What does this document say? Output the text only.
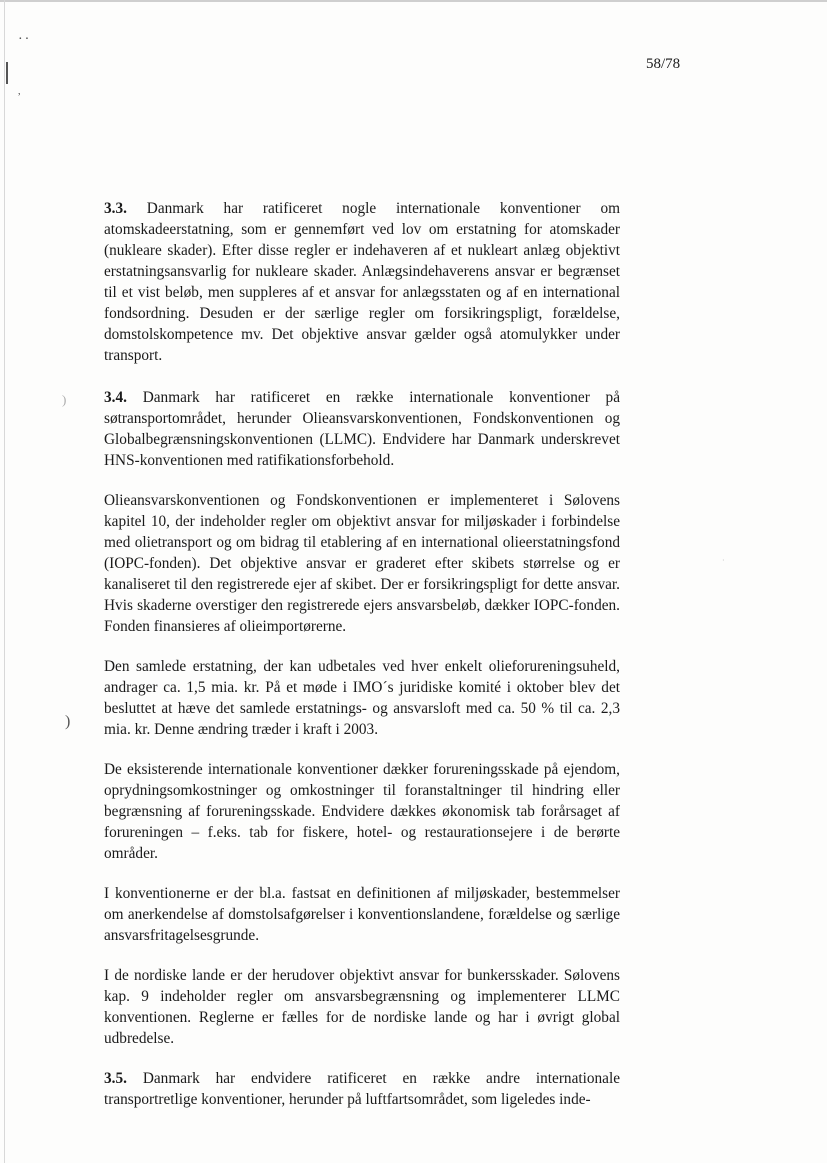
··
,
)
)
·
58/78

3.3. Danmark har ratificeret nogle internationale konventioner om atomskadeerstatning, som er gennemført ved lov om erstatning for atomskader (nukleare skader). Efter disse regler er indehaveren af et nukleart anlæg objektivt erstatningsansvarlig for nukleare skader. Anlægsindehaverens ansvar er begrænset til et vist beløb, men suppleres af et ansvar for anlægsstaten og af en international fondsordning. Desuden er der særlige regler om forsikringspligt, forældelse, domstolskompetence mv. Det objektive ansvar gælder også atomulykker under transport.

3.4. Danmark har ratificeret en række internationale konventioner på søtransportområdet, herunder Olieansvarskonventionen, Fondskonventionen og Globalbegrænsningskonventionen (LLMC). Endvidere har Danmark underskrevet HNS-konventionen med ratifikationsforbehold.

Olieansvarskonventionen og Fondskonventionen er implementeret i Sølovens kapitel 10, der indeholder regler om objektivt ansvar for miljøskader i forbindelse med olietransport og om bidrag til etablering af en international olieerstatningsfond (IOPC-fonden). Det objektive ansvar er graderet efter skibets størrelse og er kanaliseret til den registrerede ejer af skibet. Der er forsikringspligt for dette ansvar. Hvis skaderne overstiger den registrerede ejers ansvarsbeløb, dækker IOPC-fonden. Fonden finansieres af olieimportørerne.

Den samlede erstatning, der kan udbetales ved hver enkelt olieforureningsuheld, andrager ca. 1,5 mia. kr. På et møde i IMO´s juridiske komité i oktober blev det besluttet at hæve det samlede erstatnings- og ansvarsloft med ca. 50 % til ca. 2,3 mia. kr. Denne ændring træder i kraft i 2003.

De eksisterende internationale konventioner dækker forureningsskade på ejendom, oprydningsomkostninger og omkostninger til foranstaltninger til hindring eller begrænsning af forureningsskade. Endvidere dækkes økonomisk tab forårsaget af forureningen – f.eks. tab for fiskere, hotel- og restaurationsejere i de berørte områder.

I konventionerne er der bl.a. fastsat en definitionen af miljøskader, bestemmelser om anerkendelse af domstolsafgørelser i konventionslandene, forældelse og særlige ansvarsfritagelsesgrunde.

I de nordiske lande er der herudover objektivt ansvar for bunkersskader. Sølovens kap. 9 indeholder regler om ansvarsbegrænsning og implementerer LLMC konventionen. Reglerne er fælles for de nordiske lande og har i øvrigt global udbredelse.

3.5. Danmark har endvidere ratificeret en række andre internationale transportretlige konventioner, herunder på luftfartsområdet, som ligeledes inde-
